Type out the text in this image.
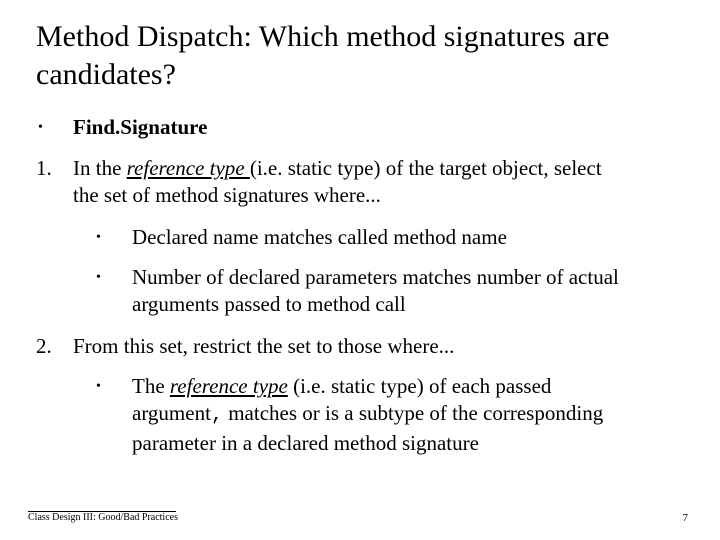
Method Dispatch: Which method signatures are candidates?
• Find.Signature
1. In the reference type (i.e. static type) of the target object, select
the set of method signatures where...
• Declared name matches called method name
• Number of declared parameters matches number of actual
arguments passed to method call
2. From this set, restrict the set to those where...
• The reference type (i.e. static type) of each passed
argument, matches or is a subtype of the corresponding
parameter in a declared method signature
Class Design III: Good/Bad Practices	7
